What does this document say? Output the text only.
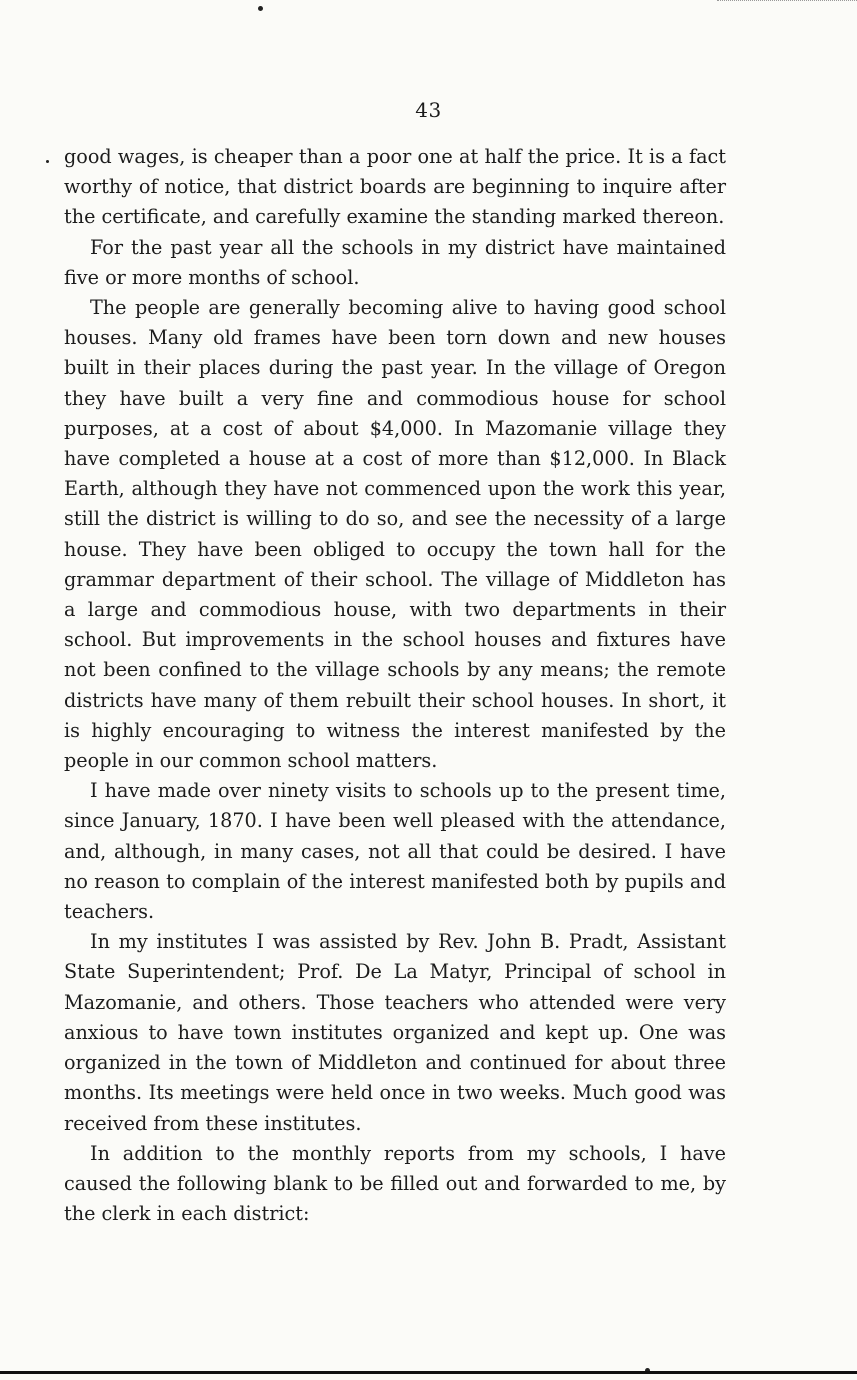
43

good wages, is cheaper than a poor one at half the price. It is a fact worthy of notice, that district boards are beginning to inquire after the certificate, and carefully examine the standing marked thereon.

For the past year all the schools in my district have maintained five or more months of school.

The people are generally becoming alive to having good school houses. Many old frames have been torn down and new houses built in their places during the past year. In the village of Oregon they have built a very fine and commodious house for school purposes, at a cost of about $4,000. In Mazomanie village they have completed a house at a cost of more than $12,000. In Black Earth, although they have not commenced upon the work this year, still the district is willing to do so, and see the necessity of a large house. They have been obliged to occupy the town hall for the grammar department of their school. The village of Middleton has a large and commodious house, with two departments in their school. But improvements in the school houses and fixtures have not been confined to the village schools by any means; the remote districts have many of them rebuilt their school houses. In short, it is highly encouraging to witness the interest manifested by the people in our common school matters.

I have made over ninety visits to schools up to the present time, since January, 1870. I have been well pleased with the attendance, and, although, in many cases, not all that could be desired. I have no reason to complain of the interest manifested both by pupils and teachers.

In my institutes I was assisted by Rev. John B. Pradt, Assistant State Superintendent; Prof. De La Matyr, Principal of school in Mazomanie, and others. Those teachers who attended were very anxious to have town institutes organized and kept up. One was organized in the town of Middleton and continued for about three months. Its meetings were held once in two weeks. Much good was received from these institutes.

In addition to the monthly reports from my schools, I have caused the following blank to be filled out and forwarded to me, by the clerk in each district:
